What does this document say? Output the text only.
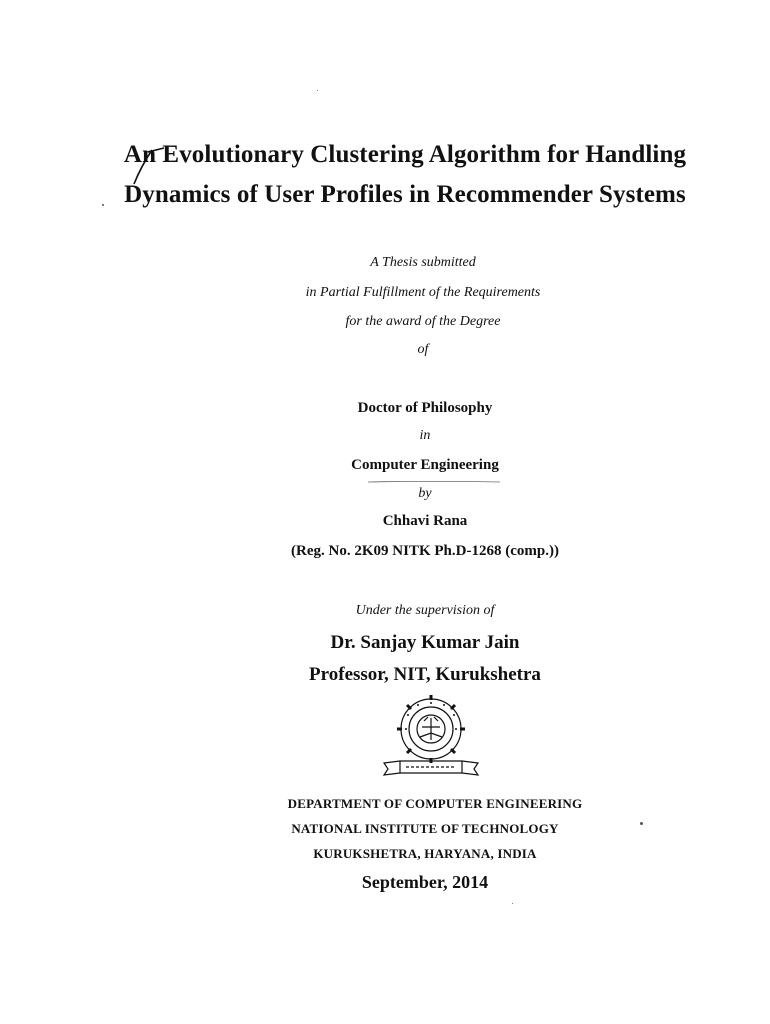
An Evolutionary Clustering Algorithm for Handling
Dynamics of User Profiles in Recommender Systems
A Thesis submitted
in Partial Fulfillment of the Requirements
for the award of the Degree
of
Doctor of Philosophy
in
Computer Engineering
by
Chhavi Rana
(Reg. No. 2K09 NITK Ph.D-1268 (comp.))
Under the supervision of
Dr. Sanjay Kumar Jain
Professor, NIT, Kurukshetra
DEPARTMENT OF COMPUTER ENGINEERING
NATIONAL INSTITUTE OF TECHNOLOGY
KURUKSHETRA, HARYANA, INDIA
September, 2014
